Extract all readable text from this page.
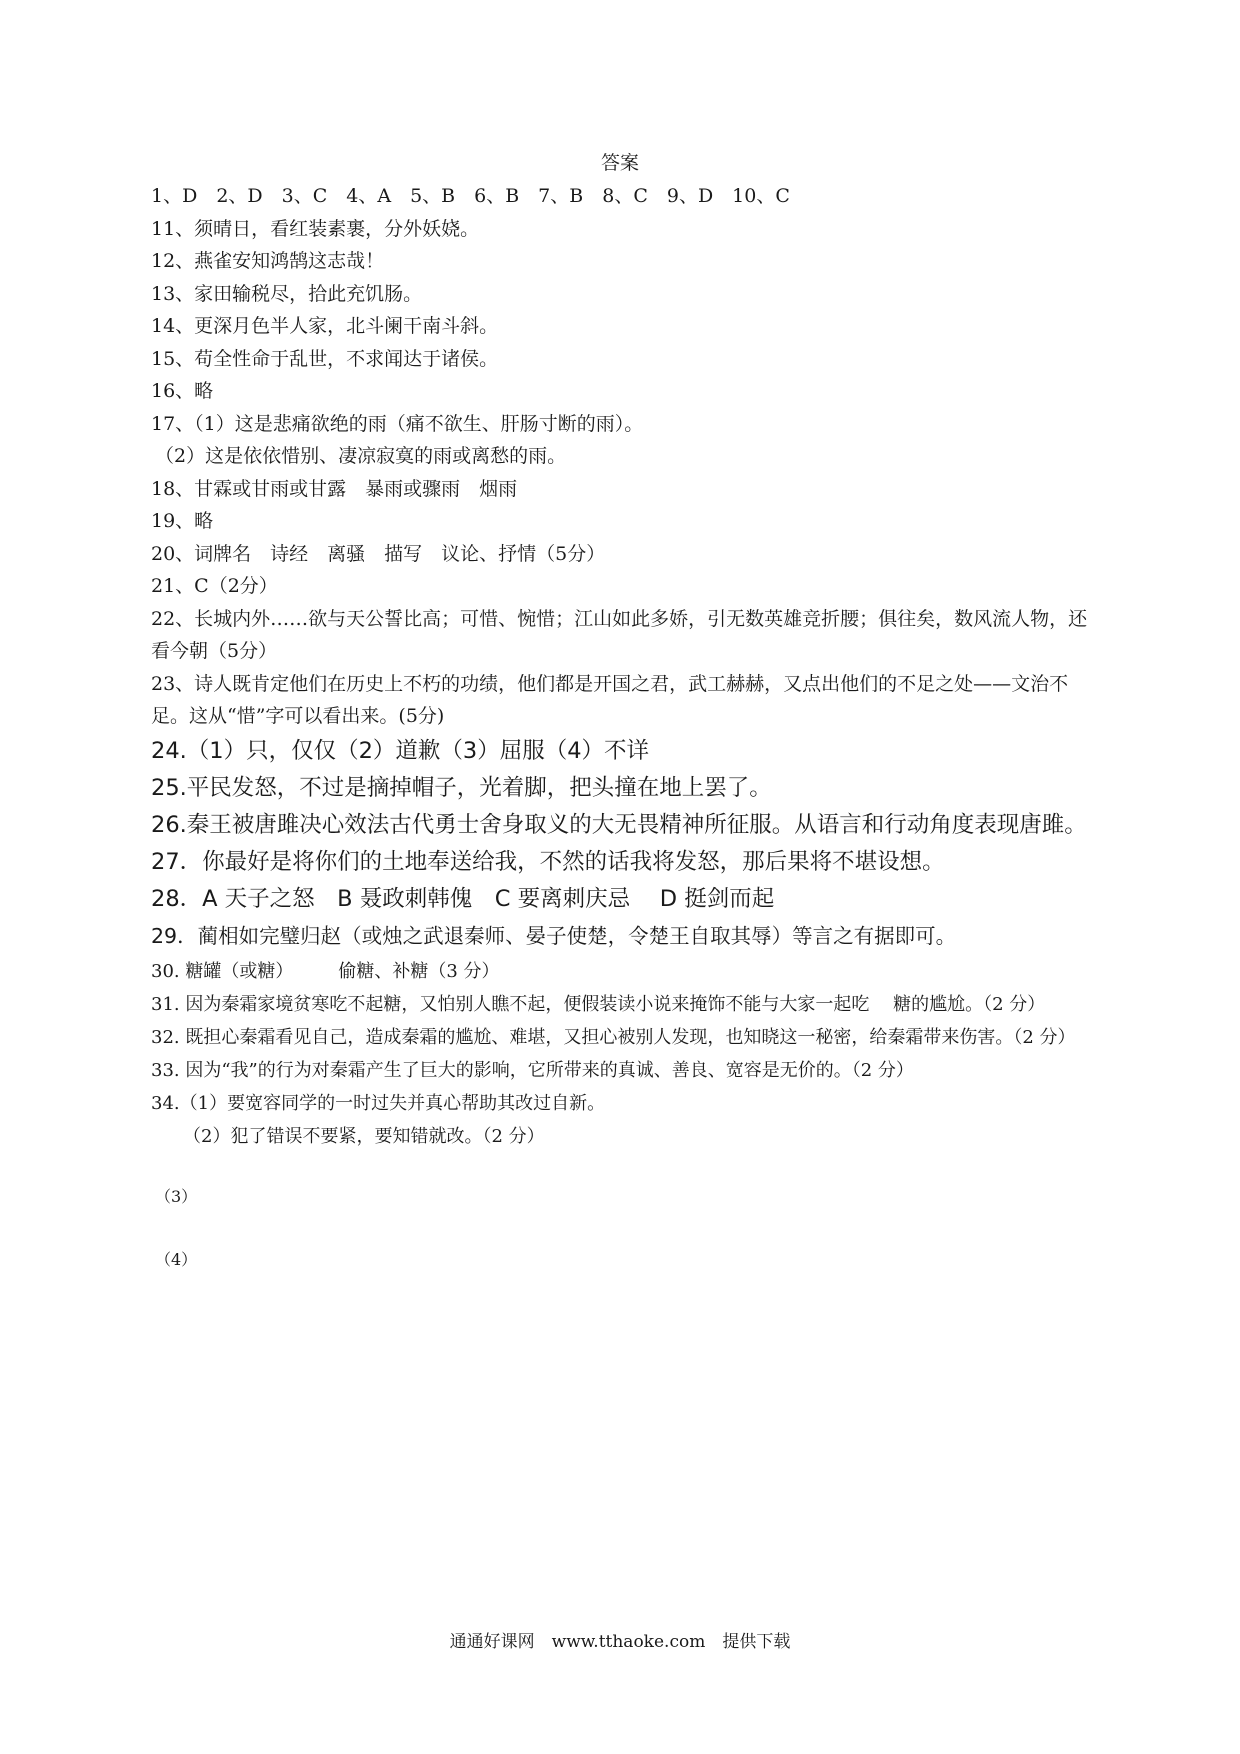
答案
1、D　2、D　3、C　4、A　5、B　6、B　7、B　8、C　9、D　10、C
11、须晴日，看红装素裹，分外妖娆。
12、燕雀安知鸿鹄这志哉！
13、家田输税尽，拾此充饥肠。
14、更深月色半人家，北斗阑干南斗斜。
15、苟全性命于乱世，不求闻达于诸侯。
16、略
17、（1）这是悲痛欲绝的雨（痛不欲生、肝肠寸断的雨）。
（2）这是依依惜别、凄凉寂寞的雨或离愁的雨。
18、甘霖或甘雨或甘露　暴雨或骤雨　烟雨
19、略
20、词牌名　诗经　离骚　描写　议论、抒情（5分）
21、C（2分）
22、长城内外……欲与天公誓比高；可惜、惋惜；江山如此多娇，引无数英雄竞折腰；俱往矣，数风流人物，还看今朝（5分）
23、诗人既肯定他们在历史上不朽的功绩，他们都是开国之君，武工赫赫，又点出他们的不足之处——文治不足。这从“惜”字可以看出来。(5分)
24.（1）只，仅仅（2）道歉（3）屈服（4）不详
25.平民发怒，不过是摘掉帽子，光着脚，把头撞在地上罢了。
26.秦王被唐雎决心效法古代勇士舍身取义的大无畏精神所征服。从语言和行动角度表现唐雎。
27．你最好是将你们的土地奉送给我，不然的话我将发怒，那后果将不堪设想。
28．A 天子之怒　B 聂政刺韩傀　C 要离刺庆忌　 D 挺剑而起
29．蔺相如完璧归赵（或烛之武退秦师、晏子使楚，令楚王自取其辱）等言之有据即可。
30. 糖罐（或糖）　　　偷糖、补糖（3 分）
31. 因为秦霜家境贫寒吃不起糖，又怕别人瞧不起，便假装读小说来掩饰不能与大家一起吃　 糖的尴尬。（2 分）
32. 既担心秦霜看见自己，造成秦霜的尴尬、难堪，又担心被别人发现，也知晓这一秘密，给秦霜带来伤害。（2 分）
33. 因为“我”的行为对秦霜产生了巨大的影响，它所带来的真诚、善良、宽容是无价的。（2 分）
34.（1）要宽容同学的一时过失并真心帮助其改过自新。
（2）犯了错误不要紧，要知错就改。（2 分）
（3）
（4）
通通好课网　www.tthaoke.com　提供下载
